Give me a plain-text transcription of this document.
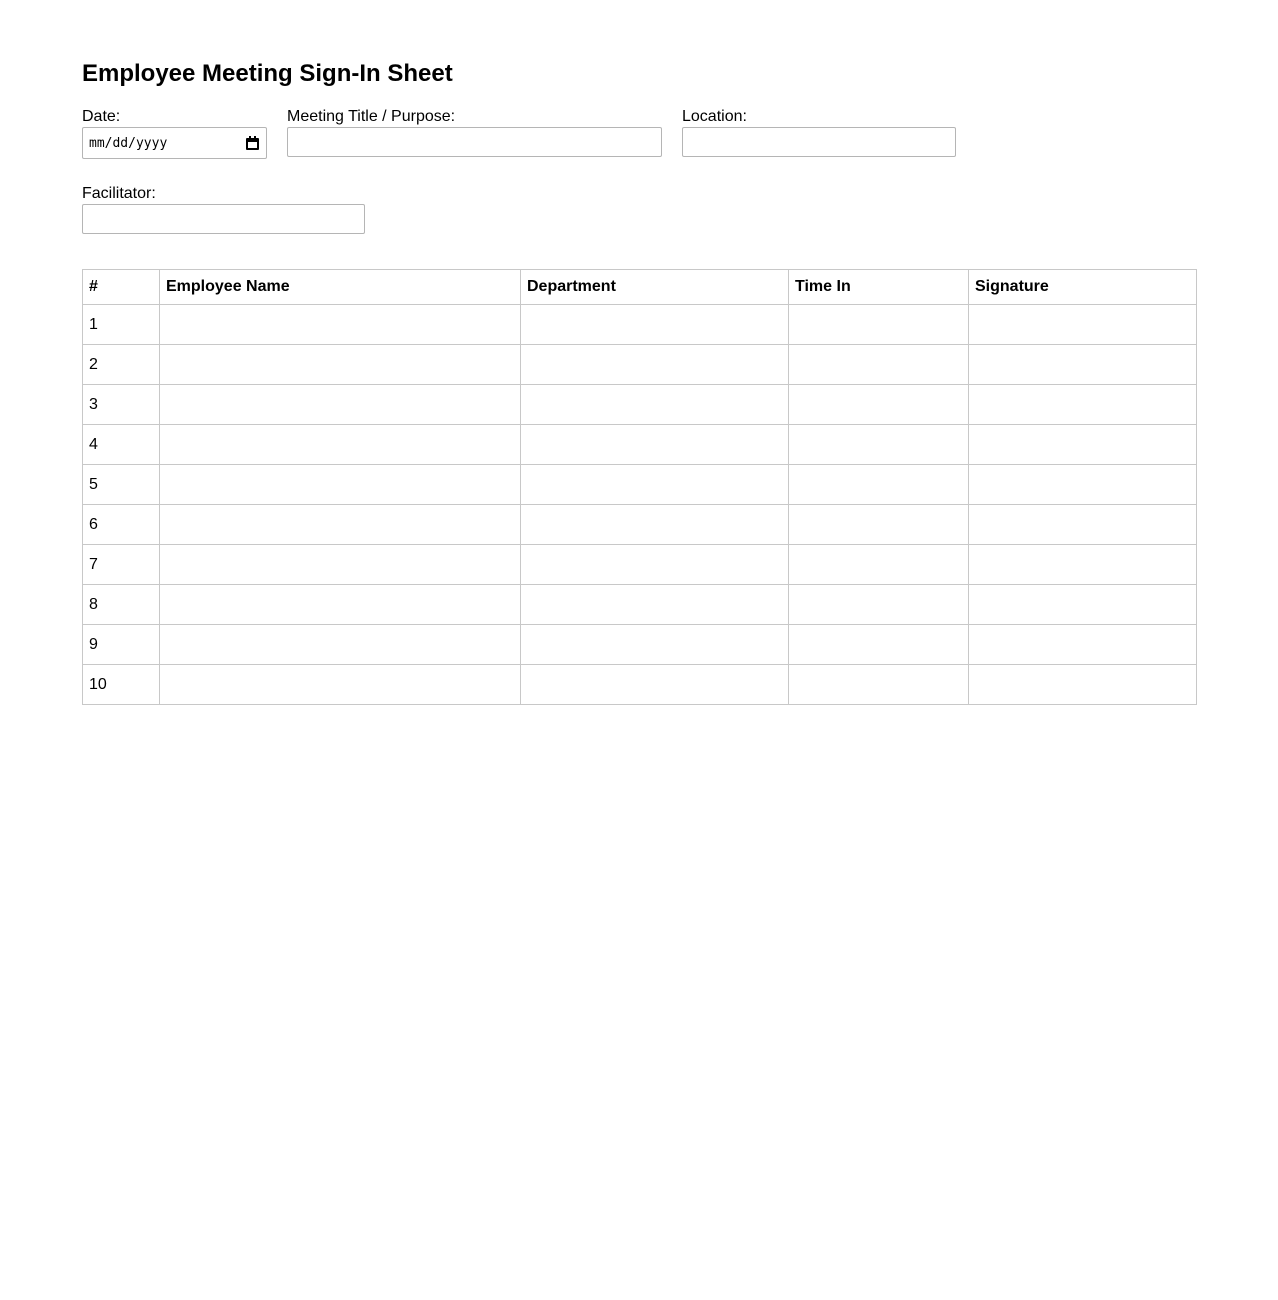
Employee Meeting Sign-In Sheet
Date:
mm/dd/yyyy
Meeting Title / Purpose:	Location:
Facilitator:
#	Employee Name	Department	Time In	Signature
1				
2				
3				
4				
5				
6				
7				
8				
9				
10				
